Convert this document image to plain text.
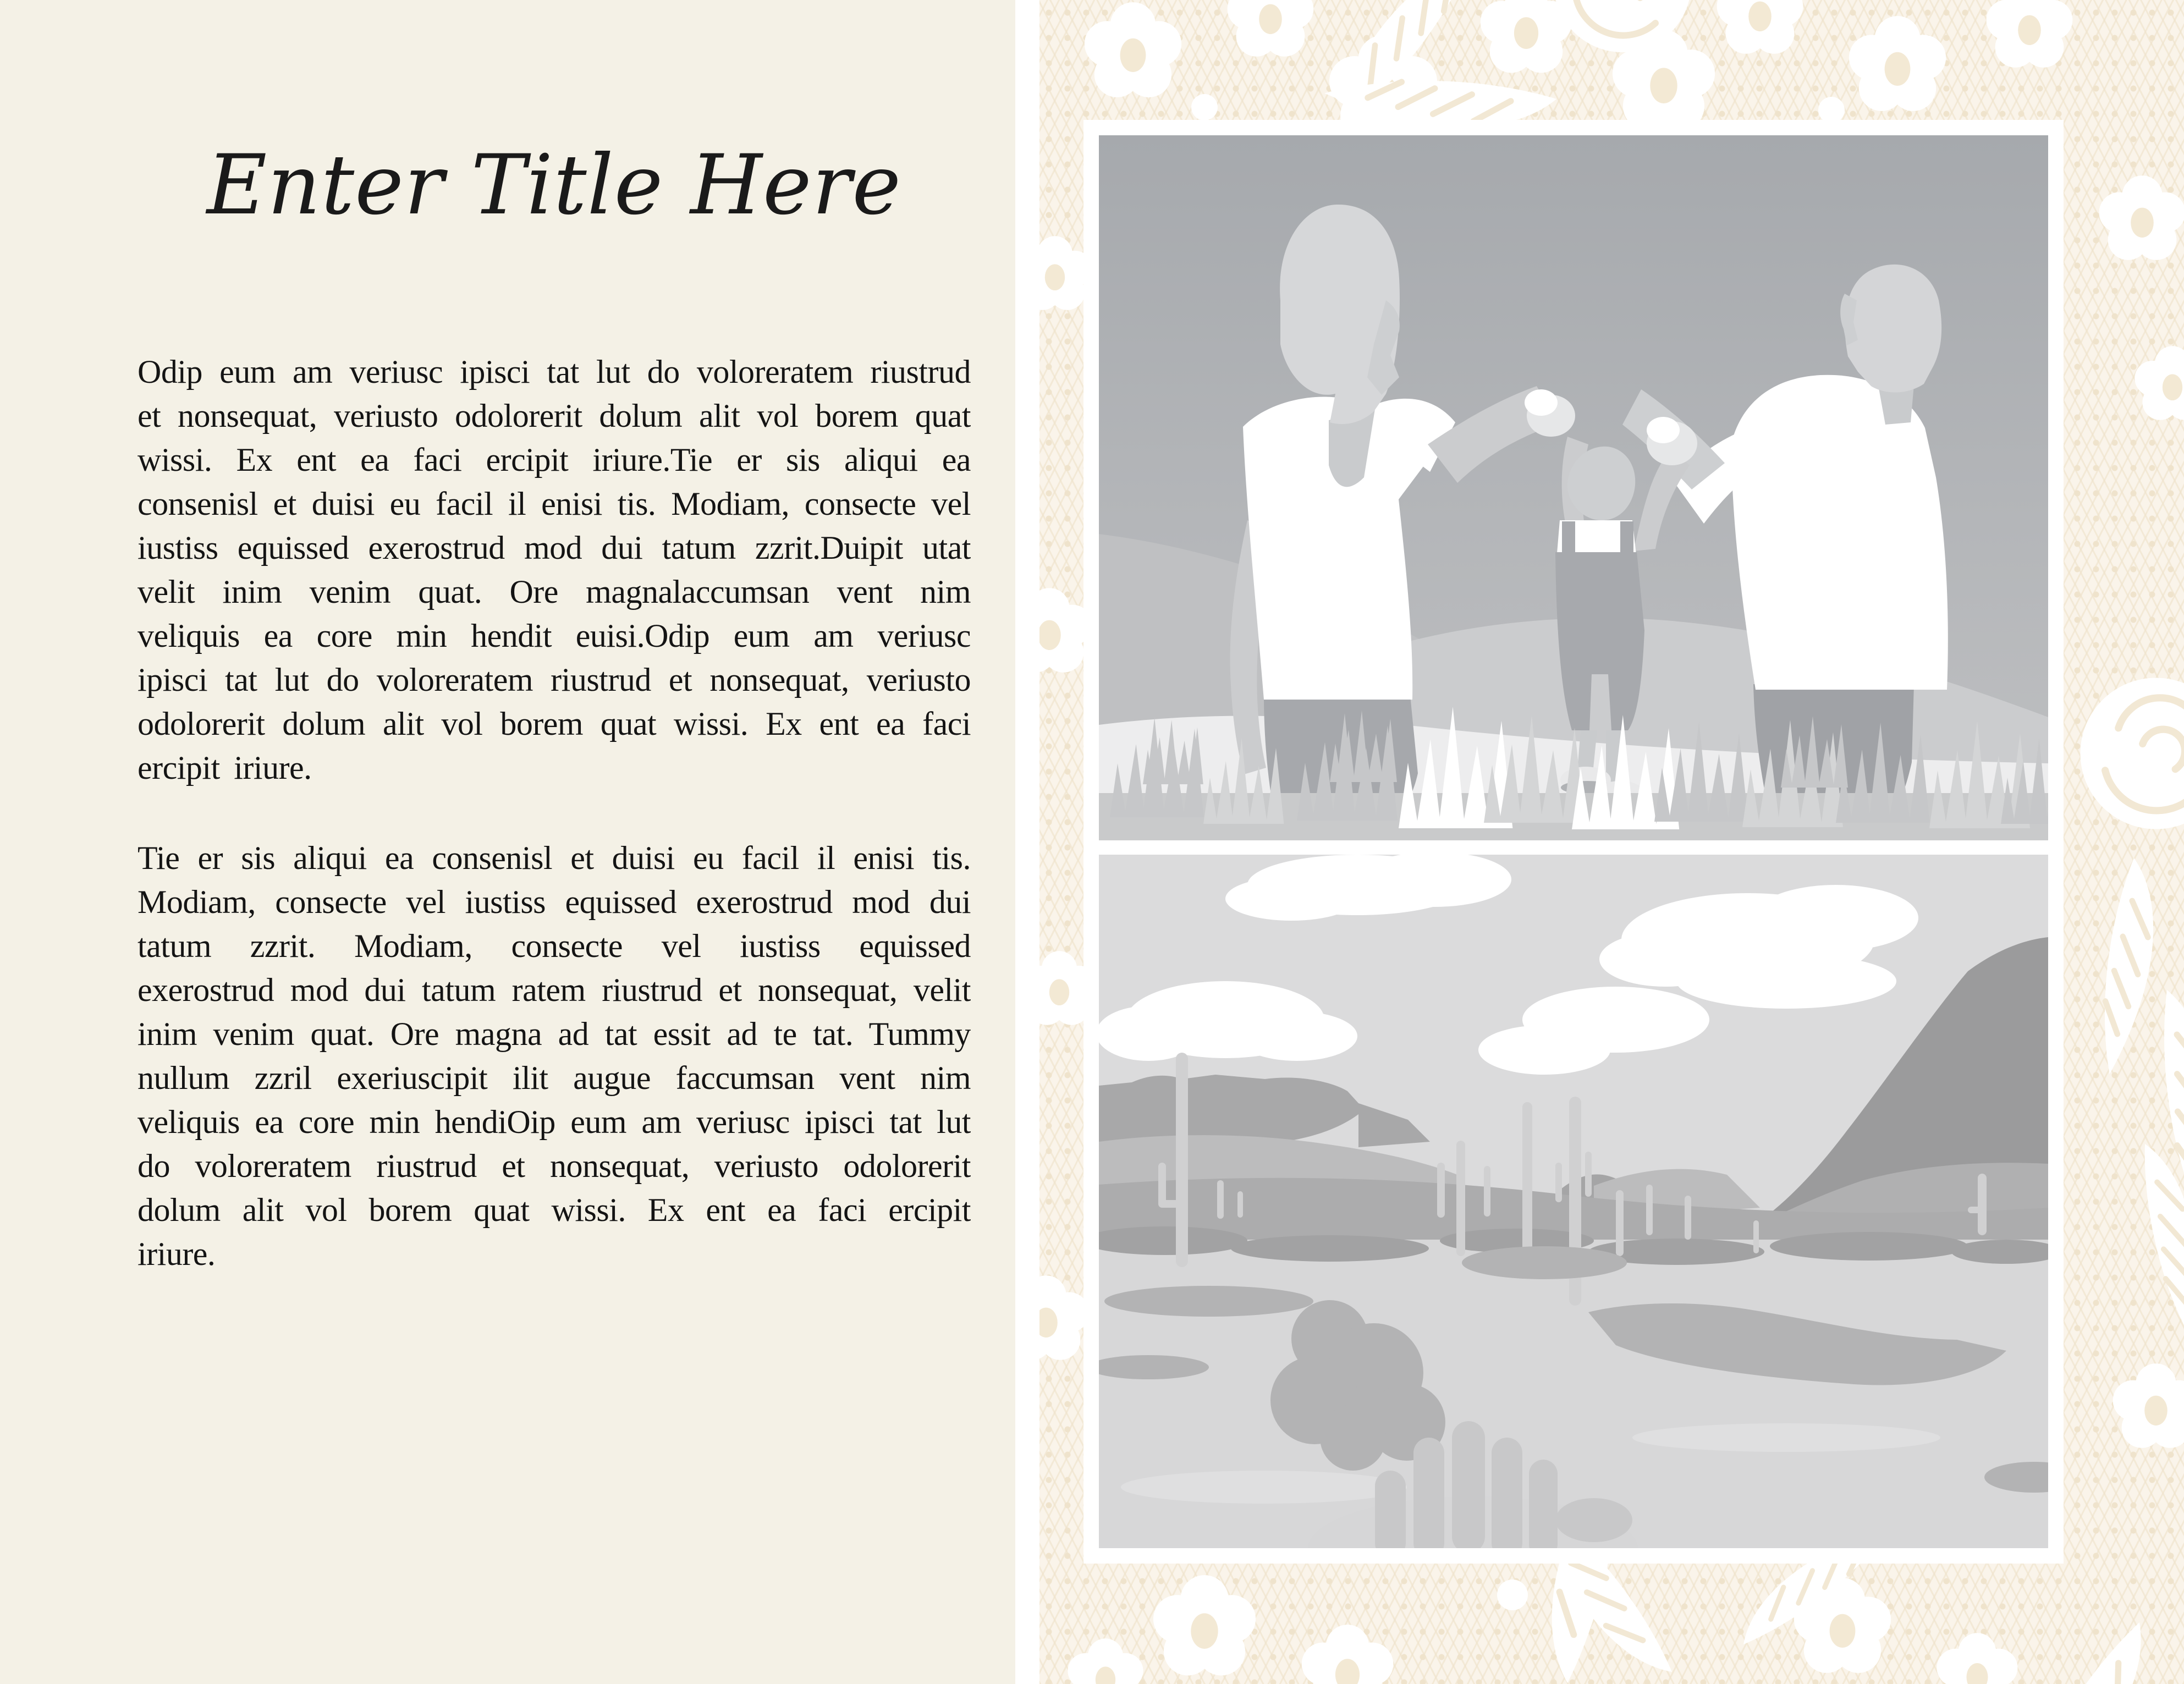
Enter Title Here

Odip eum am veriusc ipisci tat lut do voloreratem riustrud et nonsequat, veriusto odolorerit dolum alit vol borem quat wissi. Ex ent ea faci ercipit iriure.Tie er sis aliqui ea consenisl et duisi eu facil il enisi tis. Modiam, consecte vel iustiss equissed exerostrud mod dui tatum zzrit.Duipit utat velit inim venim quat. Ore magnalaccumsan vent nim veliquis ea core min hendit euisi.Odip eum am veriusc ipisci tat lut do voloreratem riustrud et nonsequat, veriusto odolorerit dolum alit vol borem quat wissi. Ex ent ea faci ercipit iriure.

Tie er sis aliqui ea consenisl et duisi eu facil il enisi tis. Modiam, consecte vel iustiss equissed exerostrud mod dui tatum zzrit. Modiam, consecte vel iustiss equissed exerostrud mod dui tatum ratem riustrud et nonsequat, velit inim venim quat. Ore magna ad tat essit ad te tat. Tummy nullum zzril exeriuscipit ilit augue faccumsan vent nim veliquis ea core min hendiOip eum am veriusc ipisci tat lut do voloreratem riustrud et nonsequat, veriusto odolorerit dolum alit vol borem quat wissi. Ex ent ea faci ercipit iriure.
